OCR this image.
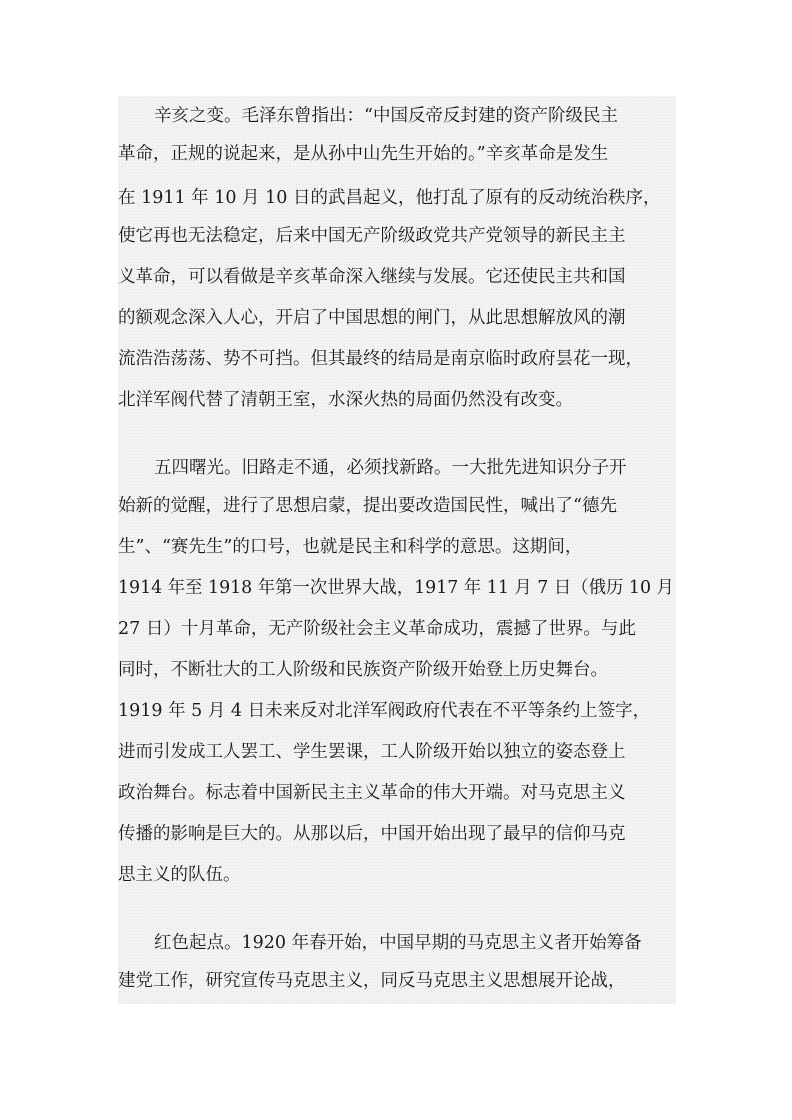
辛亥之变。毛泽东曾指出：“中国反帝反封建的资产阶级民主
革命，正规的说起来，是从孙中山先生开始的。”辛亥革命是发生
在 1911 年 10 月 10 日的武昌起义，他打乱了原有的反动统治秩序，
使它再也无法稳定，后来中国无产阶级政党共产党领导的新民主主
义革命，可以看做是辛亥革命深入继续与发展。它还使民主共和国
的额观念深入人心，开启了中国思想的闸门，从此思想解放风的潮
流浩浩荡荡、势不可挡。但其最终的结局是南京临时政府昙花一现，
北洋军阀代替了清朝王室，水深火热的局面仍然没有改变。
五四曙光。旧路走不通，必须找新路。一大批先进知识分子开
始新的觉醒，进行了思想启蒙，提出要改造国民性，喊出了“德先
生”、“赛先生”的口号，也就是民主和科学的意思。这期间，
1914 年至 1918 年第一次世界大战，1917 年 11 月 7 日（俄历 10 月
27 日）十月革命，无产阶级社会主义革命成功，震撼了世界。与此
同时，不断壮大的工人阶级和民族资产阶级开始登上历史舞台。
1919 年 5 月 4 日未来反对北洋军阀政府代表在不平等条约上签字，
进而引发成工人罢工、学生罢课，工人阶级开始以独立的姿态登上
政治舞台。标志着中国新民主主义革命的伟大开端。对马克思主义
传播的影响是巨大的。从那以后，中国开始出现了最早的信仰马克
思主义的队伍。
红色起点。1920 年春开始，中国早期的马克思主义者开始筹备
建党工作，研究宣传马克思主义，同反马克思主义思想展开论战，
